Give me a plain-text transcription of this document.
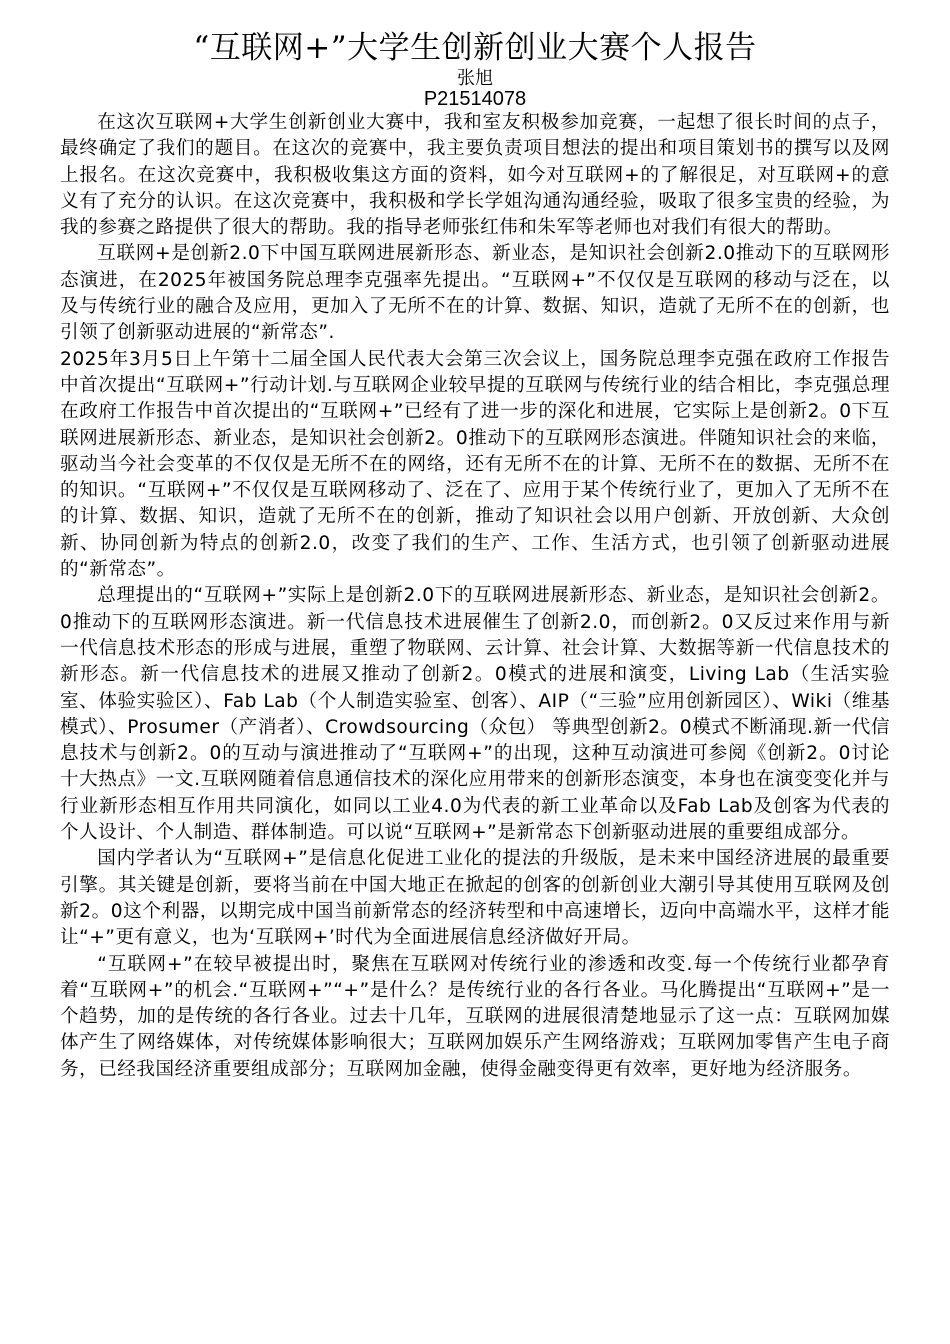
“互联网+”大学生创新创业大赛个人报告

张旭

P21514078

在这次互联网+大学生创新创业大赛中，我和室友积极参加竞赛，一起想了很长时间的点子，最终确定了我们的题目。在这次的竞赛中，我主要负责项目想法的提出和项目策划书的撰写以及网上报名。在这次竞赛中，我积极收集这方面的资料，如今对互联网+的了解很足，对互联网+的意义有了充分的认识。在这次竞赛中，我积极和学长学姐沟通沟通经验，吸取了很多宝贵的经验，为我的参赛之路提供了很大的帮助。我的指导老师张红伟和朱军等老师也对我们有很大的帮助。

互联网+是创新2.0下中国互联网进展新形态、新业态，是知识社会创新2.0推动下的互联网形态演进，在2025年被国务院总理李克强率先提出。“互联网+”不仅仅是互联网的移动与泛在，以及与传统行业的融合及应用，更加入了无所不在的计算、数据、知识，造就了无所不在的创新，也引领了创新驱动进展的“新常态”.

2025年3月5日上午第十二届全国人民代表大会第三次会议上，国务院总理李克强在政府工作报告中首次提出“互联网+”行动计划.与互联网企业较早提的互联网与传统行业的结合相比，李克强总理在政府工作报告中首次提出的“互联网+”已经有了进一步的深化和进展，它实际上是创新2。0下互联网进展新形态、新业态，是知识社会创新2。0推动下的互联网形态演进。伴随知识社会的来临，驱动当今社会变革的不仅仅是无所不在的网络，还有无所不在的计算、无所不在的数据、无所不在的知识。“互联网+”不仅仅是互联网移动了、泛在了、应用于某个传统行业了，更加入了无所不在的计算、数据、知识，造就了无所不在的创新，推动了知识社会以用户创新、开放创新、大众创新、协同创新为特点的创新2.0，改变了我们的生产、工作、生活方式，也引领了创新驱动进展的“新常态”。

总理提出的“互联网+”实际上是创新2.0下的互联网进展新形态、新业态，是知识社会创新2。0推动下的互联网形态演进。新一代信息技术进展催生了创新2.0，而创新2。0又反过来作用与新一代信息技术形态的形成与进展，重塑了物联网、云计算、社会计算、大数据等新一代信息技术的新形态。新一代信息技术的进展又推动了创新2。0模式的进展和演变，Living Lab（生活实验室、体验实验区）、Fab Lab（个人制造实验室、创客）、AIP（“三验”应用创新园区）、Wiki（维基模式）、Prosumer（产消者）、Crowdsourcing（众包） 等典型创新2。0模式不断涌现.新一代信息技术与创新2。0的互动与演进推动了“互联网+”的出现，这种互动演进可参阅《创新2。0讨论十大热点》一文.互联网随着信息通信技术的深化应用带来的创新形态演变，本身也在演变变化并与行业新形态相互作用共同演化，如同以工业4.0为代表的新工业革命以及Fab Lab及创客为代表的个人设计、个人制造、群体制造。可以说“互联网+”是新常态下创新驱动进展的重要组成部分。

国内学者认为“互联网+”是信息化促进工业化的提法的升级版，是未来中国经济进展的最重要引擎。其关键是创新，要将当前在中国大地正在掀起的创客的创新创业大潮引导其使用互联网及创新2。0这个利器，以期完成中国当前新常态的经济转型和中高速增长，迈向中高端水平，这样才能让“+”更有意义，也为‘互联网+’时代为全面进展信息经济做好开局。

“互联网+”在较早被提出时，聚焦在互联网对传统行业的渗透和改变.每一个传统行业都孕育着“互联网+”的机会.“互联网+”“+”是什么？是传统行业的各行各业。马化腾提出“互联网+”是一个趋势，加的是传统的各行各业。过去十几年，互联网的进展很清楚地显示了这一点：互联网加媒体产生了网络媒体，对传统媒体影响很大；互联网加娱乐产生网络游戏；互联网加零售产生电子商务，已经我国经济重要组成部分；互联网加金融，使得金融变得更有效率，更好地为经济服务。
